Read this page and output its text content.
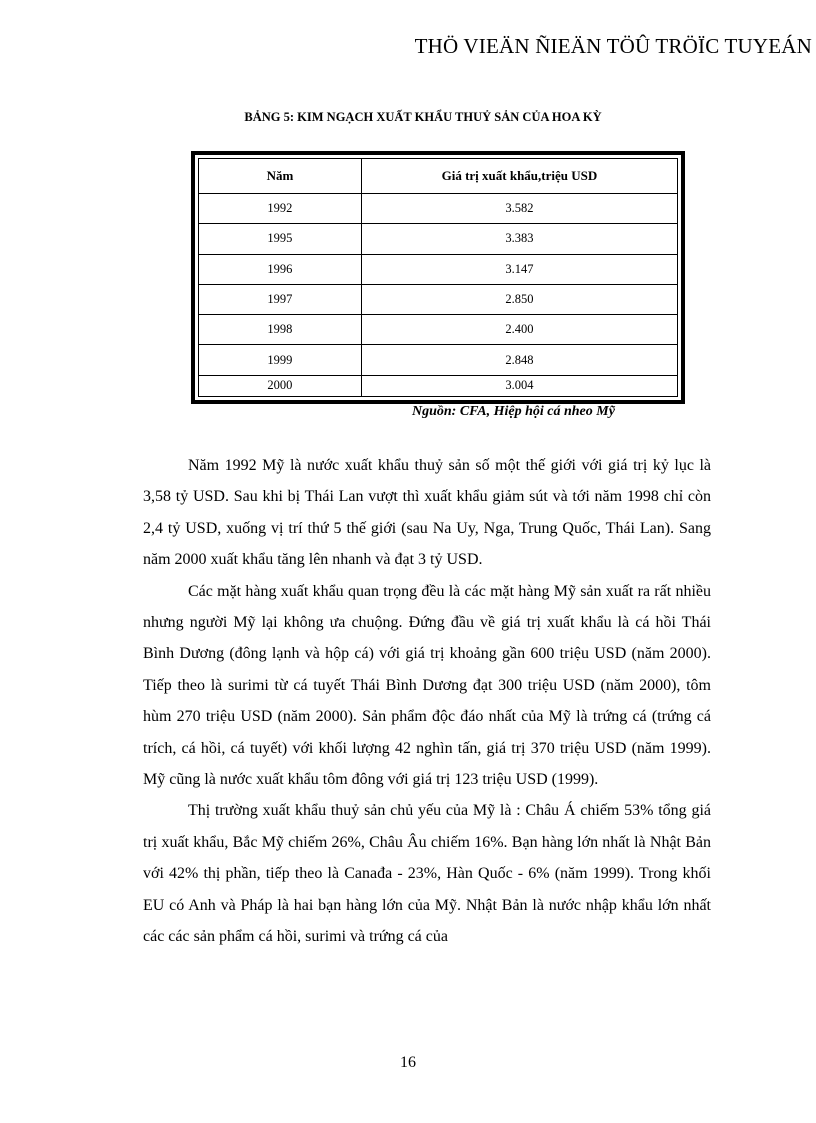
THÖ VIEÄN ÑIEÄN TÖÛ TRÖÏC TUYEÁN
BẢNG 5: KIM NGẠCH XUẤT KHẨU THUỶ SẢN CỦA HOA KỲ
Năm	Giá trị xuất khẩu,triệu USD
1992	3.582
1995	3.383
1996	3.147
1997	2.850
1998	2.400
1999	2.848
2000	3.004
Nguồn: CFA, Hiệp hội cá nheo Mỹ

Năm 1992 Mỹ là nước xuất khẩu thuỷ sản số một thế giới với giá trị kỷ lục là 3,58 tỷ USD. Sau khi bị Thái Lan vượt thì xuất khẩu giảm sút và tới năm 1998 chỉ còn 2,4 tỷ USD, xuống vị trí thứ 5 thế giới (sau Na Uy, Nga, Trung Quốc, Thái Lan). Sang năm 2000 xuất khẩu tăng lên nhanh và đạt 3 tỷ USD.

Các mặt hàng xuất khẩu quan trọng đều là các mặt hàng Mỹ sản xuất ra rất nhiều nhưng người Mỹ lại không ưa chuộng. Đứng đầu về giá trị xuất khẩu là cá hồi Thái Bình Dương (đông lạnh và hộp cá) với giá trị khoảng gần 600 triệu USD (năm 2000). Tiếp theo là surimi từ cá tuyết Thái Bình Dương đạt 300 triệu USD (năm 2000), tôm hùm 270 triệu USD (năm 2000). Sản phẩm độc đáo nhất của Mỹ là trứng cá (trứng cá trích, cá hồi, cá tuyết) với khối lượng 42 nghìn tấn, giá trị 370 triệu USD (năm 1999). Mỹ cũng là nước xuất khẩu tôm đông với giá trị 123 triệu USD (1999).

Thị trường xuất khẩu thuỷ sản chủ yếu của Mỹ là : Châu Á chiếm 53% tổng giá trị xuất khẩu, Bắc Mỹ chiếm 26%, Châu Âu chiếm 16%. Bạn hàng lớn nhất là Nhật Bản với 42% thị phần, tiếp theo là Canađa - 23%, Hàn Quốc - 6% (năm 1999). Trong khối EU có Anh và Pháp là hai bạn hàng lớn của Mỹ. Nhật Bản là nước nhập khẩu lớn nhất các các sản phẩm cá hồi, surimi và trứng cá của

16
